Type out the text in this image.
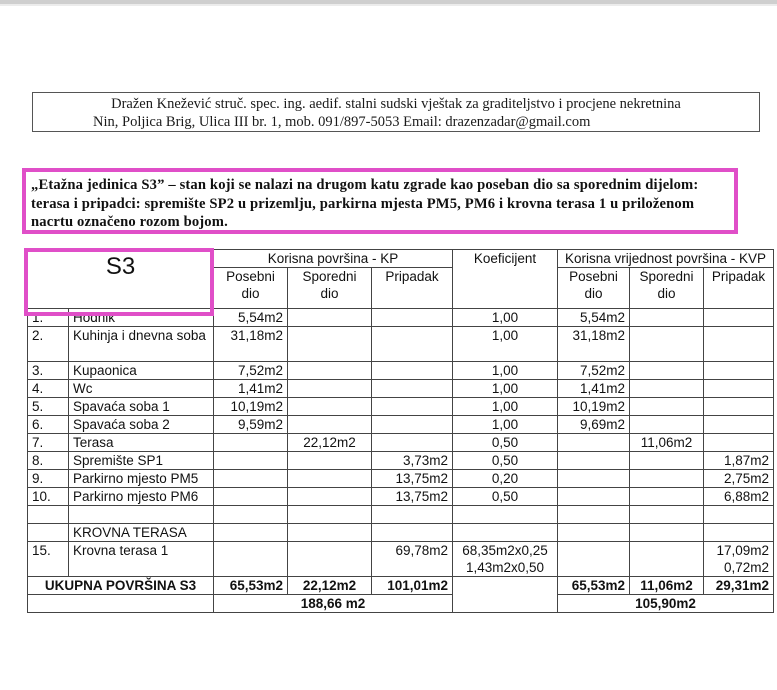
Dražen Knežević struč. spec. ing. aedif. stalni sudski vještak za graditeljstvo i procjene nekretnina
Nin, Poljica Brig, Ulica III br. 1, mob. 091/897-5053 Email: drazenzadar@gmail.com
„Etažna jedinica S3” – stan koji se nalazi na drugom katu zgrade kao poseban dio sa sporednim dijelom: terasa i pripadci: spremište SP2 u prizemlju, parkirna mjesta PM5, PM6 i krovna terasa 1 u priloženom nacrtu označeno rozom bojom.
S3		Korisna površina - KP			Koeficijent	Korisna vrijednost površina - KVP		
		Posebni dio	Sporedni dio	Pripadak		Posebni dio	Sporedni dio	Pripadak
1.	Hodnik	5,54m2			1,00	5,54m2		
2.	Kuhinja i dnevna soba	31,18m2			1,00	31,18m2		
3.	Kupaonica	7,52m2			1,00	7,52m2		
4.	Wc	1,41m2			1,00	1,41m2		
5.	Spavaća soba 1	10,19m2			1,00	10,19m2		
6.	Spavaća soba 2	9,59m2			1,00	9,69m2		
7.	Terasa		22,12m2		0,50		11,06m2	
8.	Spremište SP1			3,73m2	0,50			1,87m2
9.	Parkirno mjesto PM5			13,75m2	0,20			2,75m2
10.	Parkirno mjesto PM6			13,75m2	0,50			6,88m2

	KROVNA TERASA							
15.	Krovna terasa 1			69,78m2	68,35m2x0,25 1,43m2x0,50			17,09m2 0,72m2
UKUPNA POVRŠINA S3		65,53m2	22,12m2	101,01m2		65,53m2	11,06m2	29,31m2
		188,66 m2				105,90m2		
